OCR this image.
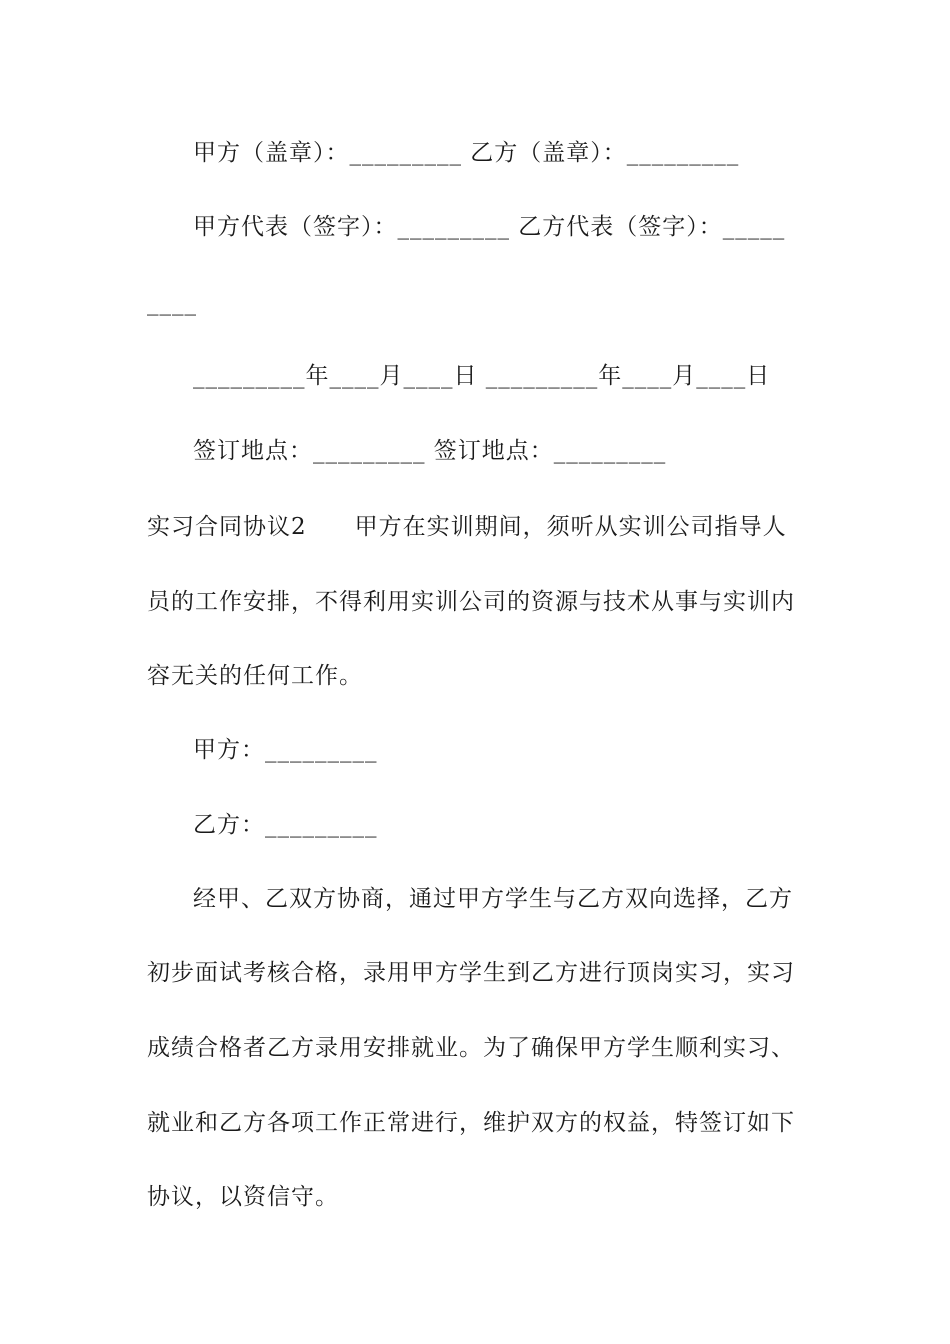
甲方（盖章）：_________ 乙方（盖章）：_________
甲方代表（签字）：_________ 乙方代表（签字）：_____
____
_________年____月____日 _________年____月____日
签订地点：_________ 签订地点：_________
实习合同协议2　　甲方在实训期间，须听从实训公司指导人
员的工作安排，不得利用实训公司的资源与技术从事与实训内
容无关的任何工作。
甲方：_________
乙方：_________
经甲、乙双方协商，通过甲方学生与乙方双向选择，乙方
初步面试考核合格，录用甲方学生到乙方进行顶岗实习，实习
成绩合格者乙方录用安排就业。为了确保甲方学生顺利实习、
就业和乙方各项工作正常进行，维护双方的权益，特签订如下
协议，以资信守。
